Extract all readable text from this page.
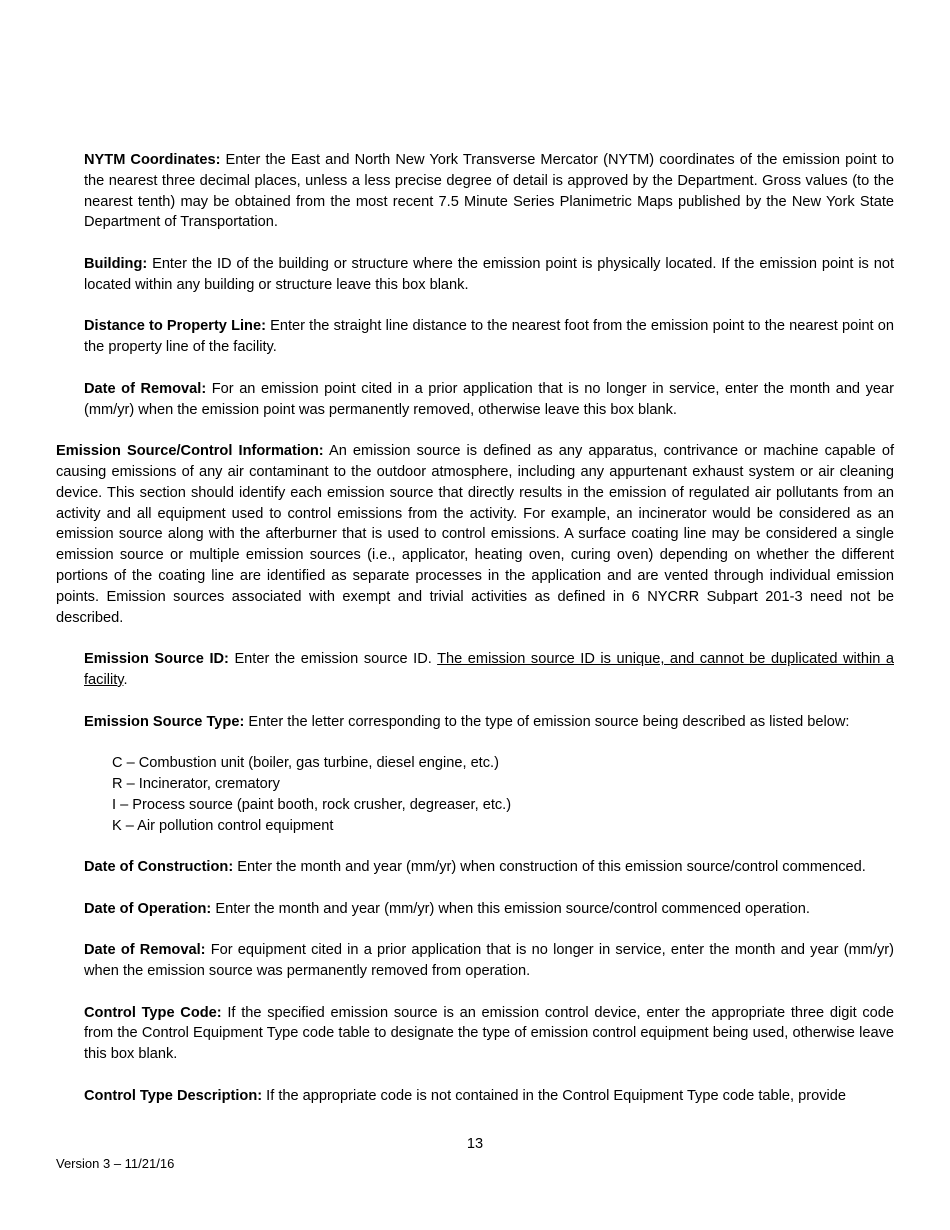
NYTM Coordinates: Enter the East and North New York Transverse Mercator (NYTM) coordinates of the emission point to the nearest three decimal places, unless a less precise degree of detail is approved by the Department. Gross values (to the nearest tenth) may be obtained from the most recent 7.5 Minute Series Planimetric Maps published by the New York State Department of Transportation.

Building: Enter the ID of the building or structure where the emission point is physically located. If the emission point is not located within any building or structure leave this box blank.

Distance to Property Line: Enter the straight line distance to the nearest foot from the emission point to the nearest point on the property line of the facility.

Date of Removal: For an emission point cited in a prior application that is no longer in service, enter the month and year (mm/yr) when the emission point was permanently removed, otherwise leave this box blank.

Emission Source/Control Information: An emission source is defined as any apparatus, contrivance or machine capable of causing emissions of any air contaminant to the outdoor atmosphere, including any appurtenant exhaust system or air cleaning device. This section should identify each emission source that directly results in the emission of regulated air pollutants from an activity and all equipment used to control emissions from the activity. For example, an incinerator would be considered as an emission source along with the afterburner that is used to control emissions. A surface coating line may be considered a single emission source or multiple emission sources (i.e., applicator, heating oven, curing oven) depending on whether the different portions of the coating line are identified as separate processes in the application and are vented through individual emission points. Emission sources associated with exempt and trivial activities as defined in 6 NYCRR Subpart 201-3 need not be described.

Emission Source ID: Enter the emission source ID. The emission source ID is unique, and cannot be duplicated within a facility.

Emission Source Type: Enter the letter corresponding to the type of emission source being described as listed below:

C – Combustion unit (boiler, gas turbine, diesel engine, etc.)
R – Incinerator, crematory
I – Process source (paint booth, rock crusher, degreaser, etc.)
K – Air pollution control equipment

Date of Construction: Enter the month and year (mm/yr) when construction of this emission source/control commenced.

Date of Operation: Enter the month and year (mm/yr) when this emission source/control commenced operation.

Date of Removal: For equipment cited in a prior application that is no longer in service, enter the month and year (mm/yr) when the emission source was permanently removed from operation.

Control Type Code: If the specified emission source is an emission control device, enter the appropriate three digit code from the Control Equipment Type code table to designate the type of emission control equipment being used, otherwise leave this box blank.

Control Type Description: If the appropriate code is not contained in the Control Equipment Type code table, provide

13
Version 3 – 11/21/16
